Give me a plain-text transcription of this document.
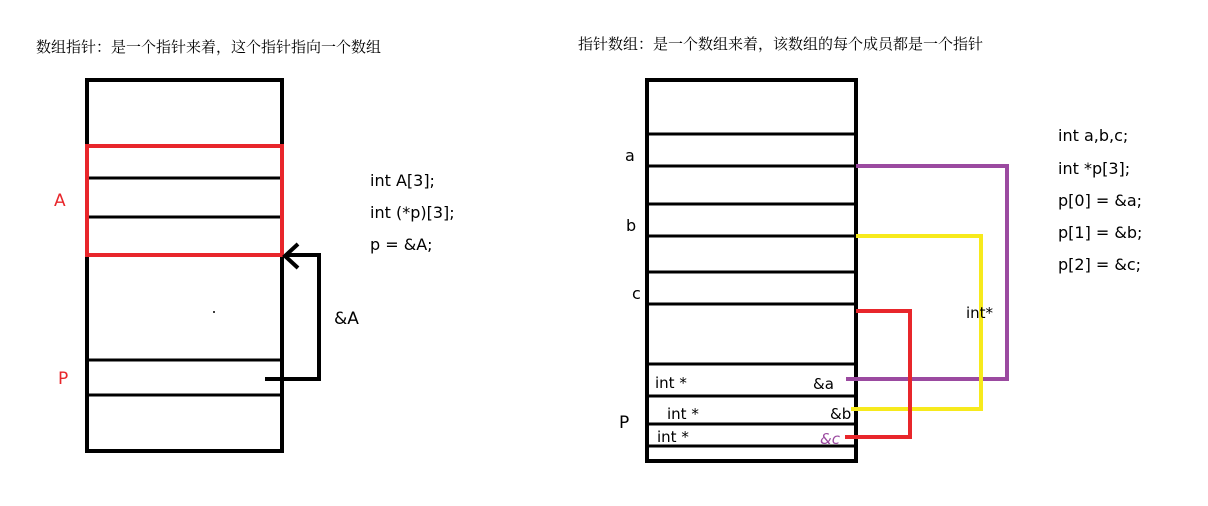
数组指针：是一个指针来着，这个指针指向一个数组
A
P
&A
int A[3];
int (*p)[3];
p = &A;
指针数组：是一个数组来着，该数组的每个成员都是一个指针
a
b
c
P
int*
int *
int *
int *
&a
&b
&c
int a,b,c;
int *p[3];
p[0] = &a;
p[1] = &b;
p[2] = &c;
